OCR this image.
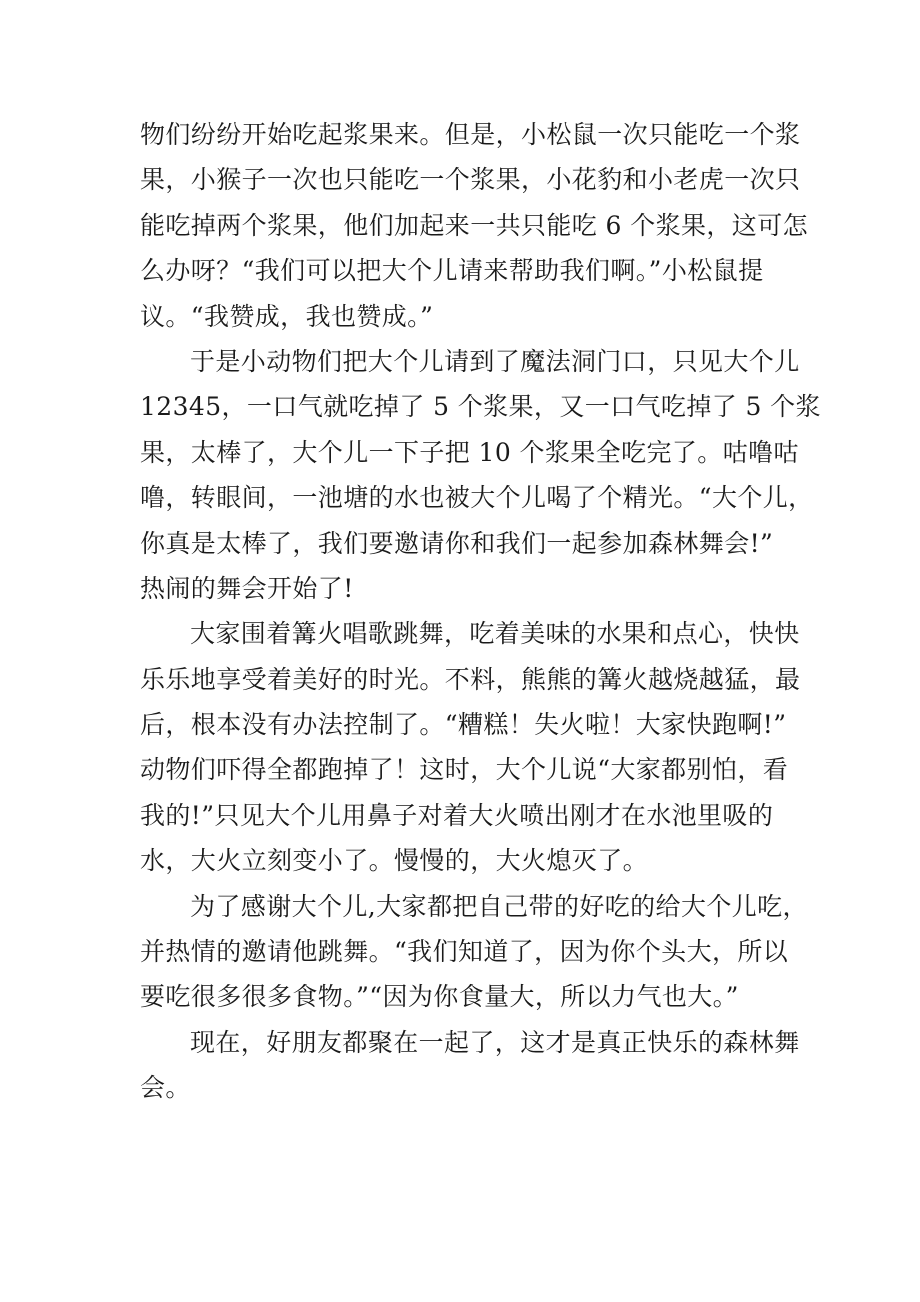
物们纷纷开始吃起浆果来。但是，小松鼠一次只能吃一个浆
果，小猴子一次也只能吃一个浆果，小花豹和小老虎一次只
能吃掉两个浆果，他们加起来一共只能吃 6 个浆果，这可怎
么办呀？“我们可以把大个儿请来帮助我们啊。”小松鼠提
议。“我赞成，我也赞成。”
于是小动物们把大个儿请到了魔法洞门口，只见大个儿
12345，一口气就吃掉了 5 个浆果，又一口气吃掉了 5 个浆
果，太棒了，大个儿一下子把 10 个浆果全吃完了。咕噜咕
噜，转眼间，一池塘的水也被大个儿喝了个精光。“大个儿，
你真是太棒了，我们要邀请你和我们一起参加森林舞会!”
热闹的舞会开始了!
大家围着篝火唱歌跳舞，吃着美味的水果和点心，快快
乐乐地享受着美好的时光。不料，熊熊的篝火越烧越猛，最
后，根本没有办法控制了。“糟糕！失火啦！大家快跑啊!”
动物们吓得全都跑掉了！这时，大个儿说“大家都别怕，看
我的!”只见大个儿用鼻子对着大火喷出刚才在水池里吸的
水，大火立刻变小了。慢慢的，大火熄灭了。
为了感谢大个儿,大家都把自己带的好吃的给大个儿吃，
并热情的邀请他跳舞。“我们知道了，因为你个头大，所以
要吃很多很多食物。”“因为你食量大，所以力气也大。”
现在，好朋友都聚在一起了，这才是真正快乐的森林舞
会。
